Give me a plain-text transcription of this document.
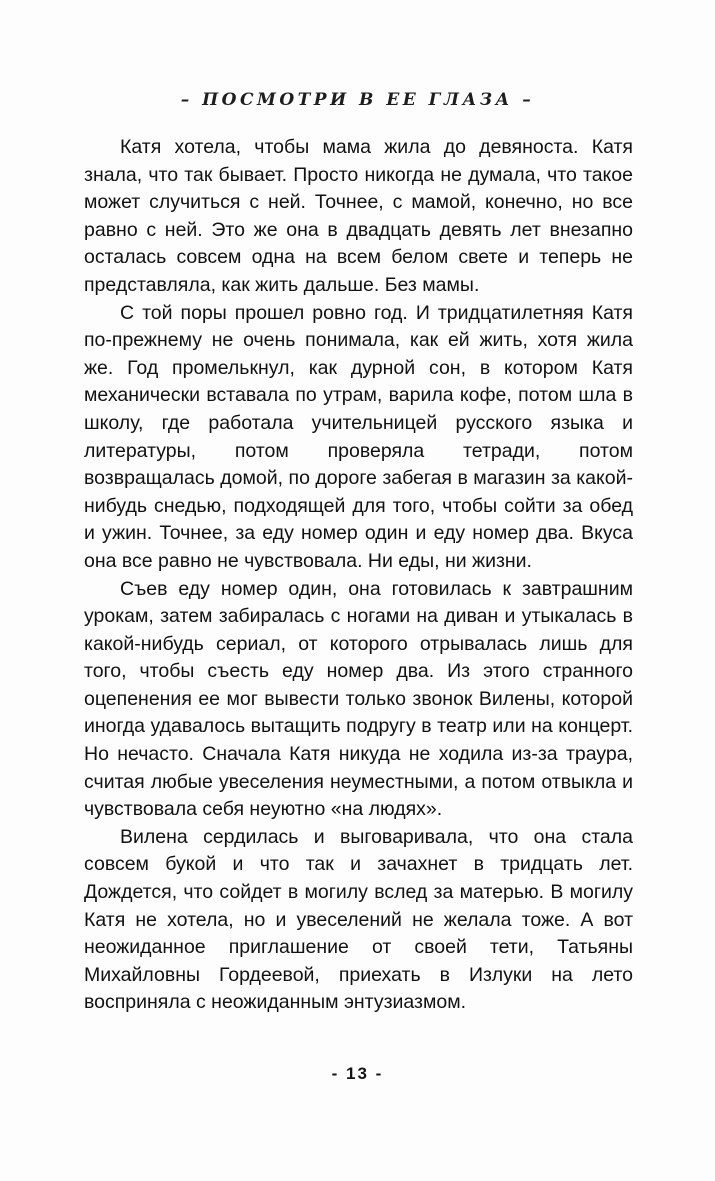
– ПОСМОТРИ В ЕЕ ГЛАЗА –

Катя хотела, чтобы мама жила до девяноста. Катя знала, что так бывает. Просто никогда не думала, что такое может случиться с ней. Точнее, с мамой, конечно, но все равно с ней. Это же она в двадцать девять лет внезапно осталась совсем одна на всем белом свете и теперь не представляла, как жить дальше. Без мамы.

С той поры прошел ровно год. И тридцатилетняя Катя по-прежнему не очень понимала, как ей жить, хотя жила же. Год промелькнул, как дурной сон, в котором Катя механически вставала по утрам, варила кофе, потом шла в школу, где работала учительницей русского языка и литературы, потом проверяла тетради, потом возвращалась домой, по дороге забегая в магазин за какой-нибудь снедью, подходящей для того, чтобы сойти за обед и ужин. Точнее, за еду номер один и еду номер два. Вкуса она все равно не чувствовала. Ни еды, ни жизни.

Съев еду номер один, она готовилась к завтрашним урокам, затем забиралась с ногами на диван и утыкалась в какой-нибудь сериал, от которого отрывалась лишь для того, чтобы съесть еду номер два. Из этого странного оцепенения ее мог вывести только звонок Вилены, которой иногда удавалось вытащить подругу в театр или на концерт. Но нечасто. Сначала Катя никуда не ходила из-за траура, считая любые увеселения неуместными, а потом отвыкла и чувствовала себя неуютно «на людях».

Вилена сердилась и выговаривала, что она стала совсем букой и что так и зачахнет в тридцать лет. Дождется, что сойдет в могилу вслед за матерью. В могилу Катя не хотела, но и увеселений не желала тоже. А вот неожиданное приглашение от своей тети, Татьяны Михайловны Гордеевой, приехать в Излуки на лето восприняла с неожиданным энтузиазмом.

- 13 -
